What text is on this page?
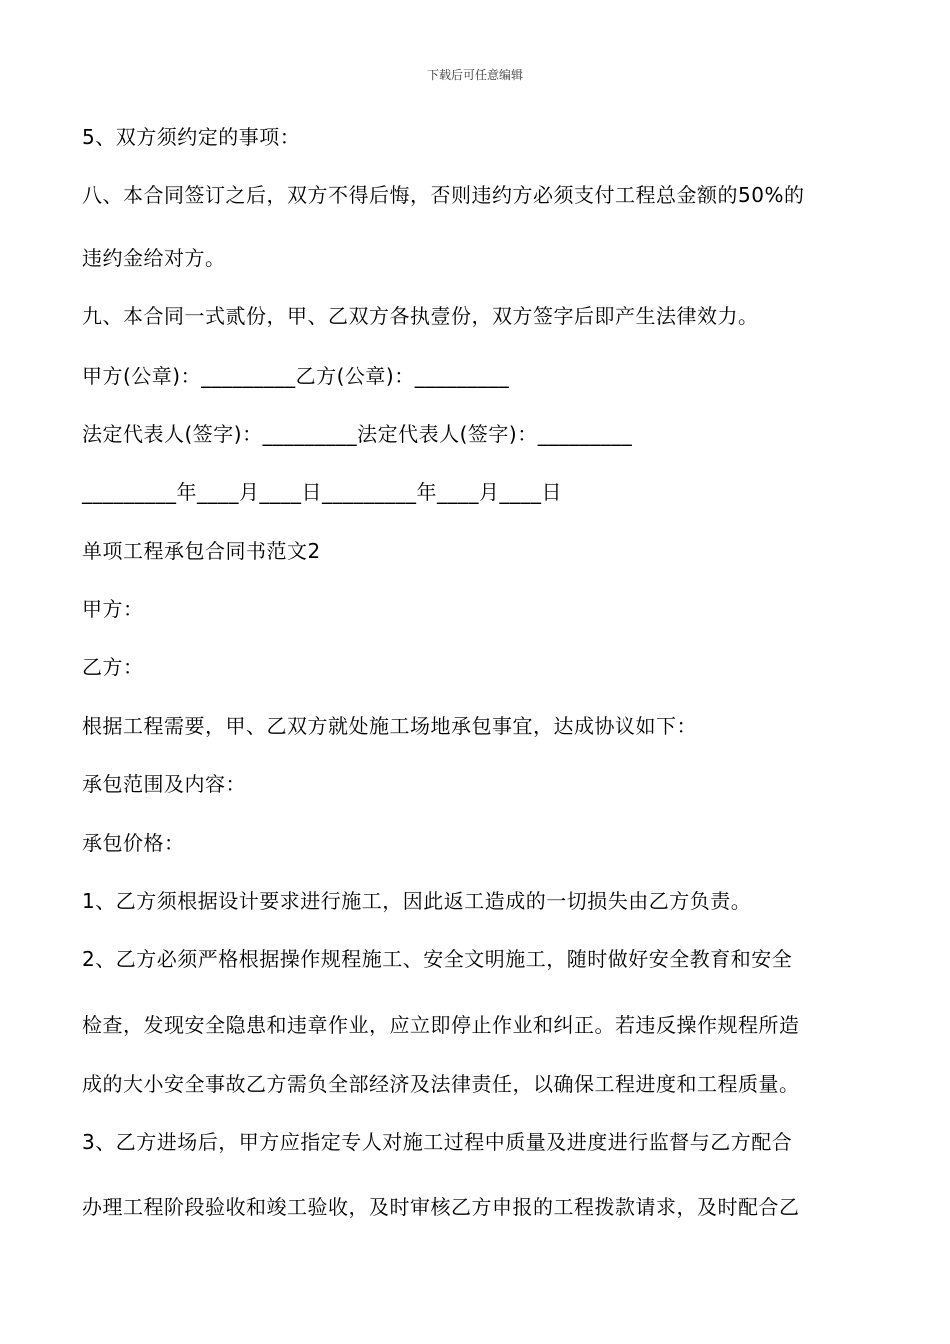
下载后可任意编辑
5、双方须约定的事项：
八、本合同签订之后，双方不得后悔，否则违约方必须支付工程总金额的50%的
违约金给对方。
九、本合同一式贰份，甲、乙双方各执壹份，双方签字后即产生法律效力。
甲方(公章)：_________乙方(公章)：_________
法定代表人(签字)：_________法定代表人(签字)：_________
_________年____月____日_________年____月____日
单项工程承包合同书范文2
甲方：
乙方：
根据工程需要，甲、乙双方就处施工场地承包事宜，达成协议如下：
承包范围及内容：
承包价格：
1、乙方须根据设计要求进行施工，因此返工造成的一切损失由乙方负责。
2、乙方必须严格根据操作规程施工、安全文明施工，随时做好安全教育和安全
检查，发现安全隐患和违章作业，应立即停止作业和纠正。若违反操作规程所造
成的大小安全事故乙方需负全部经济及法律责任，以确保工程进度和工程质量。
3、乙方进场后，甲方应指定专人对施工过程中质量及进度进行监督与乙方配合
办理工程阶段验收和竣工验收，及时审核乙方申报的工程拨款请求，及时配合乙
